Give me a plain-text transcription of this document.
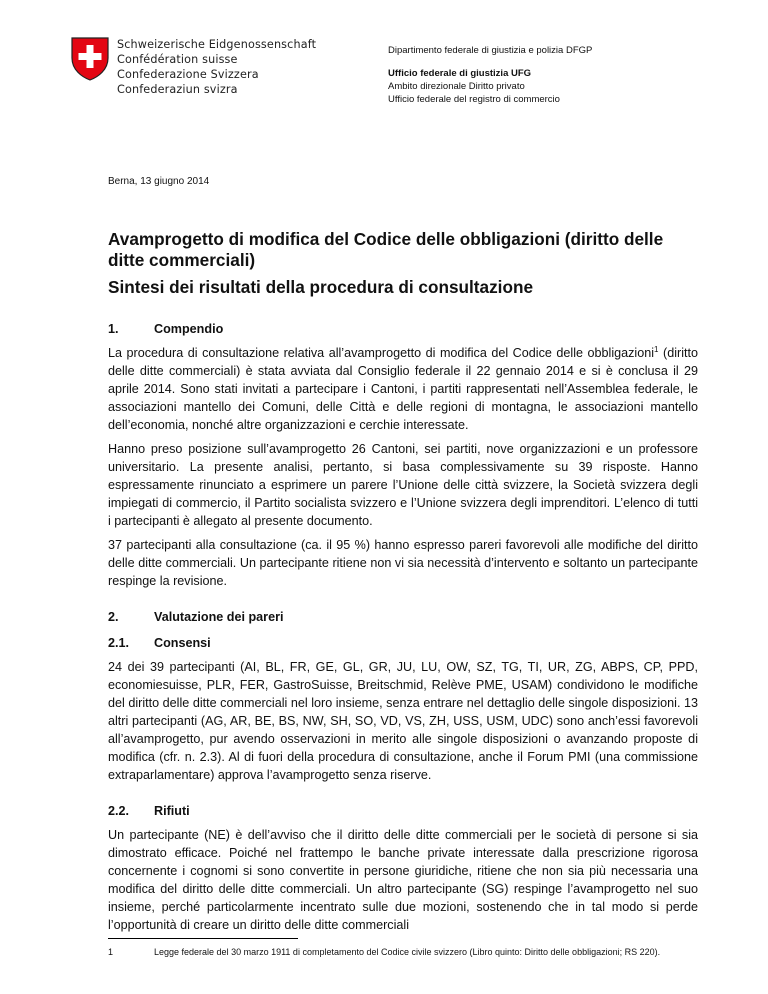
Schweizerische Eidgenossenschaft
Confédération suisse
Confederazione Svizzera
Confederaziun svizra
Dipartimento federale di giustizia e polizia DFGP
Ufficio federale di giustizia UFG
Ambito direzionale Diritto privato
Ufficio federale del registro di commercio
Berna, 13 giugno 2014
Avamprogetto di modifica del Codice delle obbligazioni (diritto delle ditte commerciali)
Sintesi dei risultati della procedura di consultazione
1.	Compendio

La procedura di consultazione relativa all’avamprogetto di modifica del Codice delle obbligazioni$^1$ (diritto delle ditte commerciali) è stata avviata dal Consiglio federale il 22 gennaio 2014 e si è conclusa il 29 aprile 2014. Sono stati invitati a partecipare i Cantoni, i partiti rappresentati nell’Assemblea federale, le associazioni mantello dei Comuni, delle Città e delle regioni di montagna, le associazioni mantello dell’economia, nonché altre organizzazioni e cerchie interessate.

Hanno preso posizione sull’avamprogetto 26 Cantoni, sei partiti, nove organizzazioni e un professore universitario. La presente analisi, pertanto, si basa complessivamente su 39 risposte. Hanno espressamente rinunciato a esprimere un parere l’Unione delle città svizzere, la Società svizzera degli impiegati di commercio, il Partito socialista svizzero e l’Unione svizzera degli imprenditori. L’elenco di tutti i partecipanti è allegato al presente documento.

37 partecipanti alla consultazione (ca. il 95 %) hanno espresso pareri favorevoli alle modifiche del diritto delle ditte commerciali. Un partecipante ritiene non vi sia necessità d’intervento e soltanto un partecipante respinge la revisione.

2.	Valutazione dei pareri
2.1.	Consensi

24 dei 39 partecipanti (AI, BL, FR, GE, GL, GR, JU, LU, OW, SZ, TG, TI, UR, ZG, ABPS, CP, PPD, economiesuisse, PLR, FER, GastroSuisse, Breitschmid, Relève PME, USAM) condividono le modifiche del diritto delle ditte commerciali nel loro insieme, senza entrare nel dettaglio delle singole disposizioni. 13 altri partecipanti (AG, AR, BE, BS, NW, SH, SO, VD, VS, ZH, USS, USM, UDC) sono anch’essi favorevoli all’avamprogetto, pur avendo osservazioni in merito alle singole disposizioni o avanzando proposte di modifica (cfr. n. 2.3). Al di fuori della procedura di consultazione, anche il Forum PMI (una commissione extraparlamentare) approva l’avamprogetto senza riserve.

2.2.	Rifiuti

Un partecipante (NE) è dell’avviso che il diritto delle ditte commerciali per le società di persone si sia dimostrato efficace. Poiché nel frattempo le banche private interessate dalla prescrizione rigorosa concernente i cognomi si sono convertite in persone giuridiche, ritiene che non sia più necessaria una modifica del diritto delle ditte commerciali. Un altro partecipante (SG) respinge l’avamprogetto nel suo insieme, perché particolarmente incentrato sulle due mozioni, sostenendo che in tal modo si perde l’opportunità di creare un diritto delle ditte commerciali

1	Legge federale del 30 marzo 1911 di completamento del Codice civile svizzero (Libro quinto: Diritto delle obbligazioni; RS 220).
